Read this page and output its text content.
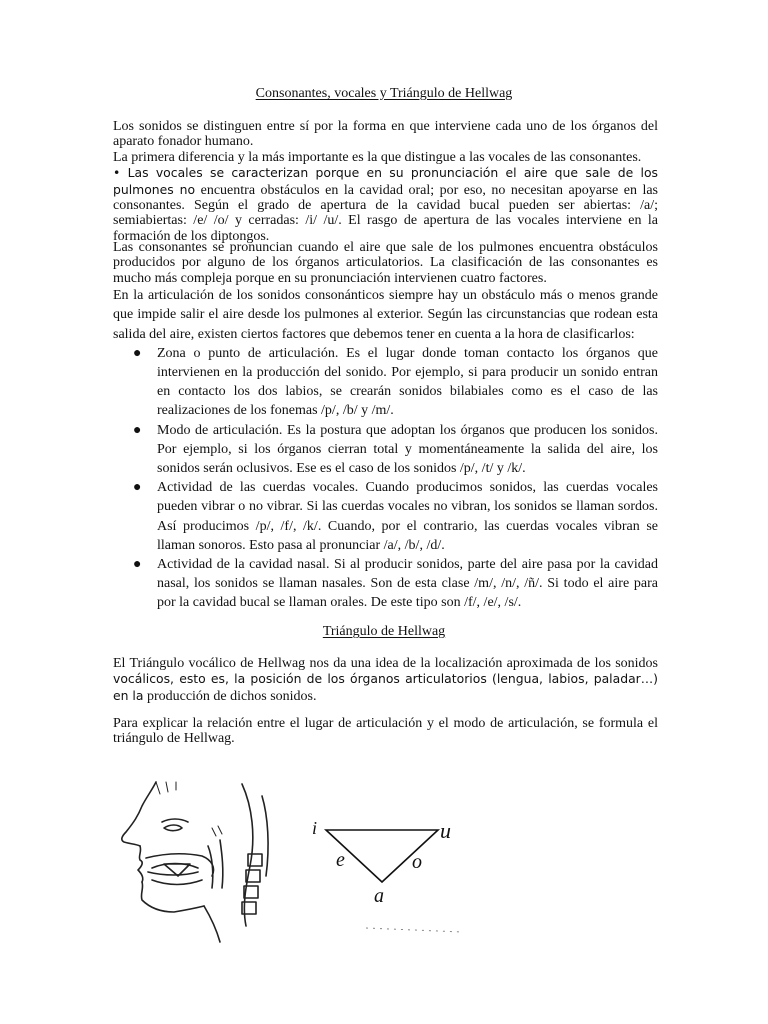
Consonantes, vocales y Triángulo de Hellwag

Los sonidos se distinguen entre sí por la forma en que interviene cada uno de los órganos del aparato fonador humano.

La primera diferencia y la más importante es la que distingue a las vocales de las consonantes.

• Las vocales se caracterizan porque en su pronunciación el aire que sale de los pulmones no encuentra obstáculos en la cavidad oral; por eso, no necesitan apoyarse en las consonantes. Según el grado de apertura de la cavidad bucal pueden ser abiertas: /a/; semiabiertas: /e/ /o/ y cerradas: /i/ /u/. El rasgo de apertura de las vocales interviene en la formación de los diptongos.

Las consonantes se pronuncian cuando el aire que sale de los pulmones encuentra obstáculos producidos por alguno de los órganos articulatorios. La clasificación de las consonantes es mucho más compleja porque en su pronunciación intervienen cuatro factores.

En la articulación de los sonidos consonánticos siempre hay un obstáculo más o menos grande que impide salir el aire desde los pulmones al exterior. Según las circunstancias que rodean esta salida del aire, existen ciertos factores que debemos tener en cuenta a la hora de clasificarlos:

● Zona o punto de articulación. Es el lugar donde toman contacto los órganos que intervienen en la producción del sonido. Por ejemplo, si para producir un sonido entran en contacto los dos labios, se crearán sonidos bilabiales como es el caso de las realizaciones de los fonemas /p/, /b/ y /m/.
● Modo de articulación. Es la postura que adoptan los órganos que producen los sonidos. Por ejemplo, si los órganos cierran total y momentáneamente la salida del aire, los sonidos serán oclusivos. Ese es el caso de los sonidos /p/, /t/ y /k/.
● Actividad de las cuerdas vocales. Cuando producimos sonidos, las cuerdas vocales pueden vibrar o no vibrar. Si las cuerdas vocales no vibran, los sonidos se llaman sordos. Así producimos /p/, /f/, /k/. Cuando, por el contrario, las cuerdas vocales vibran se llaman sonoros. Esto pasa al pronunciar /a/, /b/, /d/.
● Actividad de la cavidad nasal. Si al producir sonidos, parte del aire pasa por la cavidad nasal, los sonidos se llaman nasales. Son de esta clase /m/, /n/, /ñ/. Si todo el aire para por la cavidad bucal se llaman orales. De este tipo son /f/, /e/, /s/.
Triángulo de Hellwag

El Triángulo vocálico de Hellwag nos da una idea de la localización aproximada de los sonidos vocálicos, esto es, la posición de los órganos articulatorios (lengua, labios, paladar…) en la producción de dichos sonidos.

Para explicar la relación entre el lugar de articulación y el modo de articulación, se formula el triángulo de Hellwag.

i	u
e	o
a
